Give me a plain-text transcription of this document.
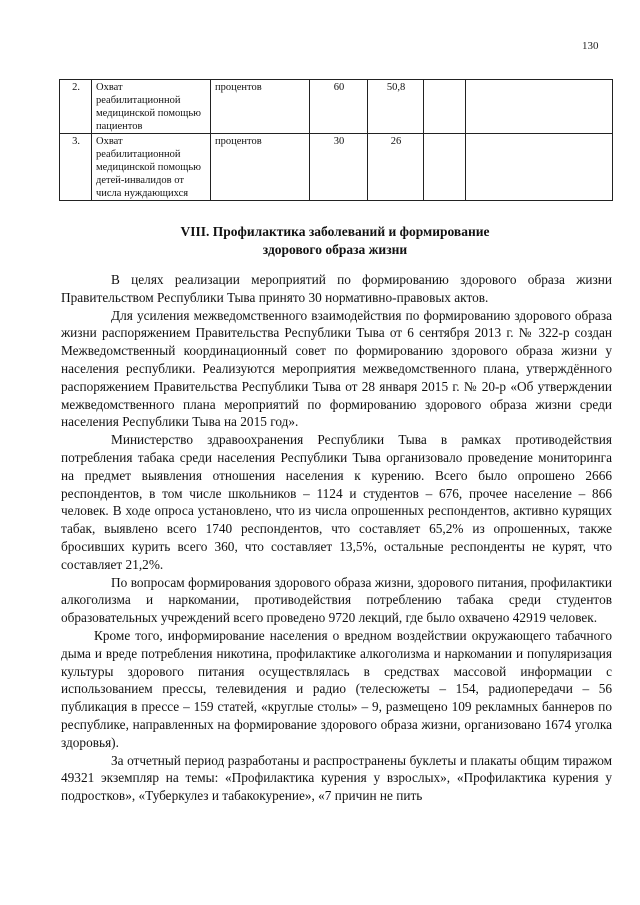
130
2.	Охват реабилитационной медицинской помощью пациентов	процентов	60	50,8		
3.	Охват реабилитационной медицинской помощью детей-инвалидов от числа нуждающихся	процентов	30	26		
VIII. Профилактика заболеваний и формирование
здорового образа жизни

В целях реализации мероприятий по формированию здорового образа жизни Правительством Республики Тыва принято 30 нормативно-правовых актов.

Для усиления межведомственного взаимодействия по формированию здорового образа жизни распоряжением Правительства Республики Тыва от 6 сентября 2013 г. № 322-р создан Межведомственный координационный совет по формированию здорового образа жизни у населения республики. Реализуются мероприятия межведомственного плана, утверждённого распоряжением Правительства Республики Тыва от 28 января 2015 г. № 20-р «Об утверждении межведомственного плана мероприятий по формированию здорового образа жизни среди населения Республики Тыва на 2015 год».

Министерство здравоохранения Республики Тыва в рамках противодействия потребления табака среди населения Республики Тыва организовало проведение мониторинга на предмет выявления отношения населения к курению. Всего было опрошено 2666 респондентов, в том числе школьников – 1124 и студентов – 676, прочее население – 866 человек. В ходе опроса установлено, что из числа опрошенных респондентов, активно курящих табак, выявлено всего 1740 респондентов, что составляет 65,2% из опрошенных, также бросивших курить всего 360, что составляет 13,5%, остальные респонденты не курят, что составляет 21,2%.

По вопросам формирования здорового образа жизни, здорового питания, профилактики алкоголизма и наркомании, противодействия потреблению табака среди студентов образовательных учреждений всего проведено 9720 лекций, где было охвачено 42919 человек.

Кроме того, информирование населения о вредном воздействии окружающего табачного дыма и вреде потребления никотина, профилактике алкоголизма и наркомании и популяризация культуры здорового питания осуществлялась в средствах массовой информации с использованием прессы, телевидения и радио (телесюжеты – 154, радиопередачи – 56 публикация в прессе – 159 статей, «круглые столы» – 9, размещено 109 рекламных баннеров по республике, направленных на формирование здорового образа жизни, организовано 1674 уголка здоровья).

За отчетный период разработаны и распространены буклеты и плакаты общим тиражом 49321 экземпляр на темы: «Профилактика курения у взрослых», «Профилактика курения у подростков», «Туберкулез и табакокурение», «7 причин не пить
